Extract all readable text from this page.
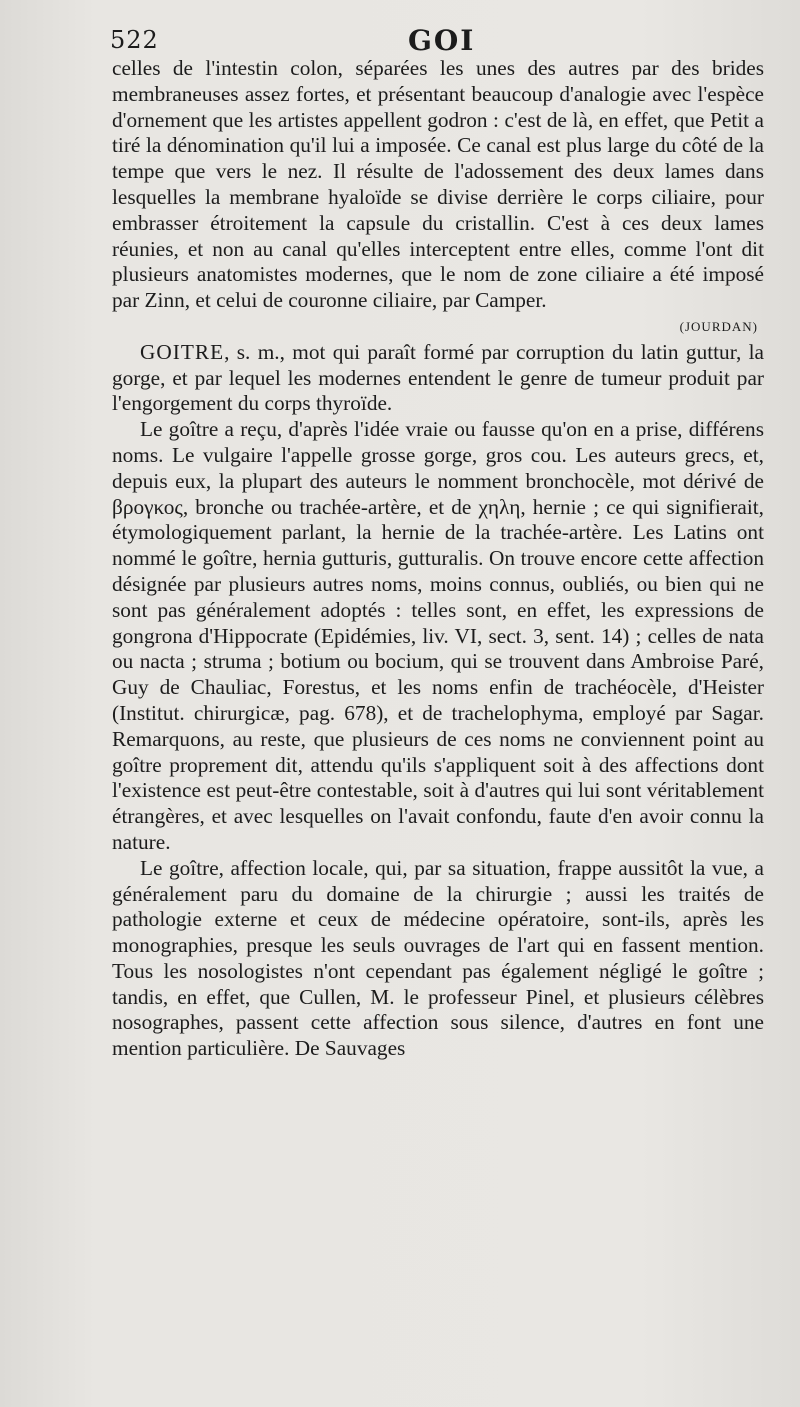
522	GOI

celles de l'intestin colon, séparées les unes des autres par des brides membraneuses assez fortes, et présentant beaucoup d'analogie avec l'espèce d'ornement que les artistes appellent godron : c'est de là, en effet, que Petit a tiré la dénomination qu'il lui a imposée. Ce canal est plus large du côté de la tempe que vers le nez. Il résulte de l'adossement des deux lames dans lesquelles la membrane hyaloïde se divise derrière le corps ciliaire, pour embrasser étroitement la capsule du cristallin. C'est à ces deux lames réunies, et non au canal qu'elles interceptent entre elles, comme l'ont dit plusieurs anatomistes modernes, que le nom de zone ciliaire a été imposé par Zinn, et celui de couronne ciliaire, par Camper.

(JOURDAN)

GOITRE, s. m., mot qui paraît formé par corruption du latin guttur, la gorge, et par lequel les modernes entendent le genre de tumeur produit par l'engorgement du corps thyroïde.

Le goître a reçu, d'après l'idée vraie ou fausse qu'on en a prise, différens noms. Le vulgaire l'appelle grosse gorge, gros cou. Les auteurs grecs, et, depuis eux, la plupart des auteurs le nomment bronchocèle, mot dérivé de βρογκος, bronche ou trachée-artère, et de χηλη, hernie ; ce qui signifierait, étymologiquement parlant, la hernie de la trachée-artère. Les Latins ont nommé le goître, hernia gutturis, gutturalis. On trouve encore cette affection désignée par plusieurs autres noms, moins connus, oubliés, ou bien qui ne sont pas généralement adoptés : telles sont, en effet, les expressions de gongrona d'Hippocrate (Epidémies, liv. VI, sect. 3, sent. 14) ; celles de nata ou nacta ; struma ; botium ou bocium, qui se trouvent dans Ambroise Paré, Guy de Chauliac, Forestus, et les noms enfin de trachéocèle, d'Heister (Institut. chirurgicæ, pag. 678), et de trachelophyma, employé par Sagar. Remarquons, au reste, que plusieurs de ces noms ne conviennent point au goître proprement dit, attendu qu'ils s'appliquent soit à des affections dont l'existence est peut-être contestable, soit à d'autres qui lui sont véritablement étrangères, et avec lesquelles on l'avait confondu, faute d'en avoir connu la nature.

Le goître, affection locale, qui, par sa situation, frappe aussitôt la vue, a généralement paru du domaine de la chirurgie ; aussi les traités de pathologie externe et ceux de médecine opératoire, sont-ils, après les monographies, presque les seuls ouvrages de l'art qui en fassent mention. Tous les nosologistes n'ont cependant pas également négligé le goître ; tandis, en effet, que Cullen, M. le professeur Pinel, et plusieurs célèbres nosographes, passent cette affection sous silence, d'autres en font une mention particulière. De Sauvages
